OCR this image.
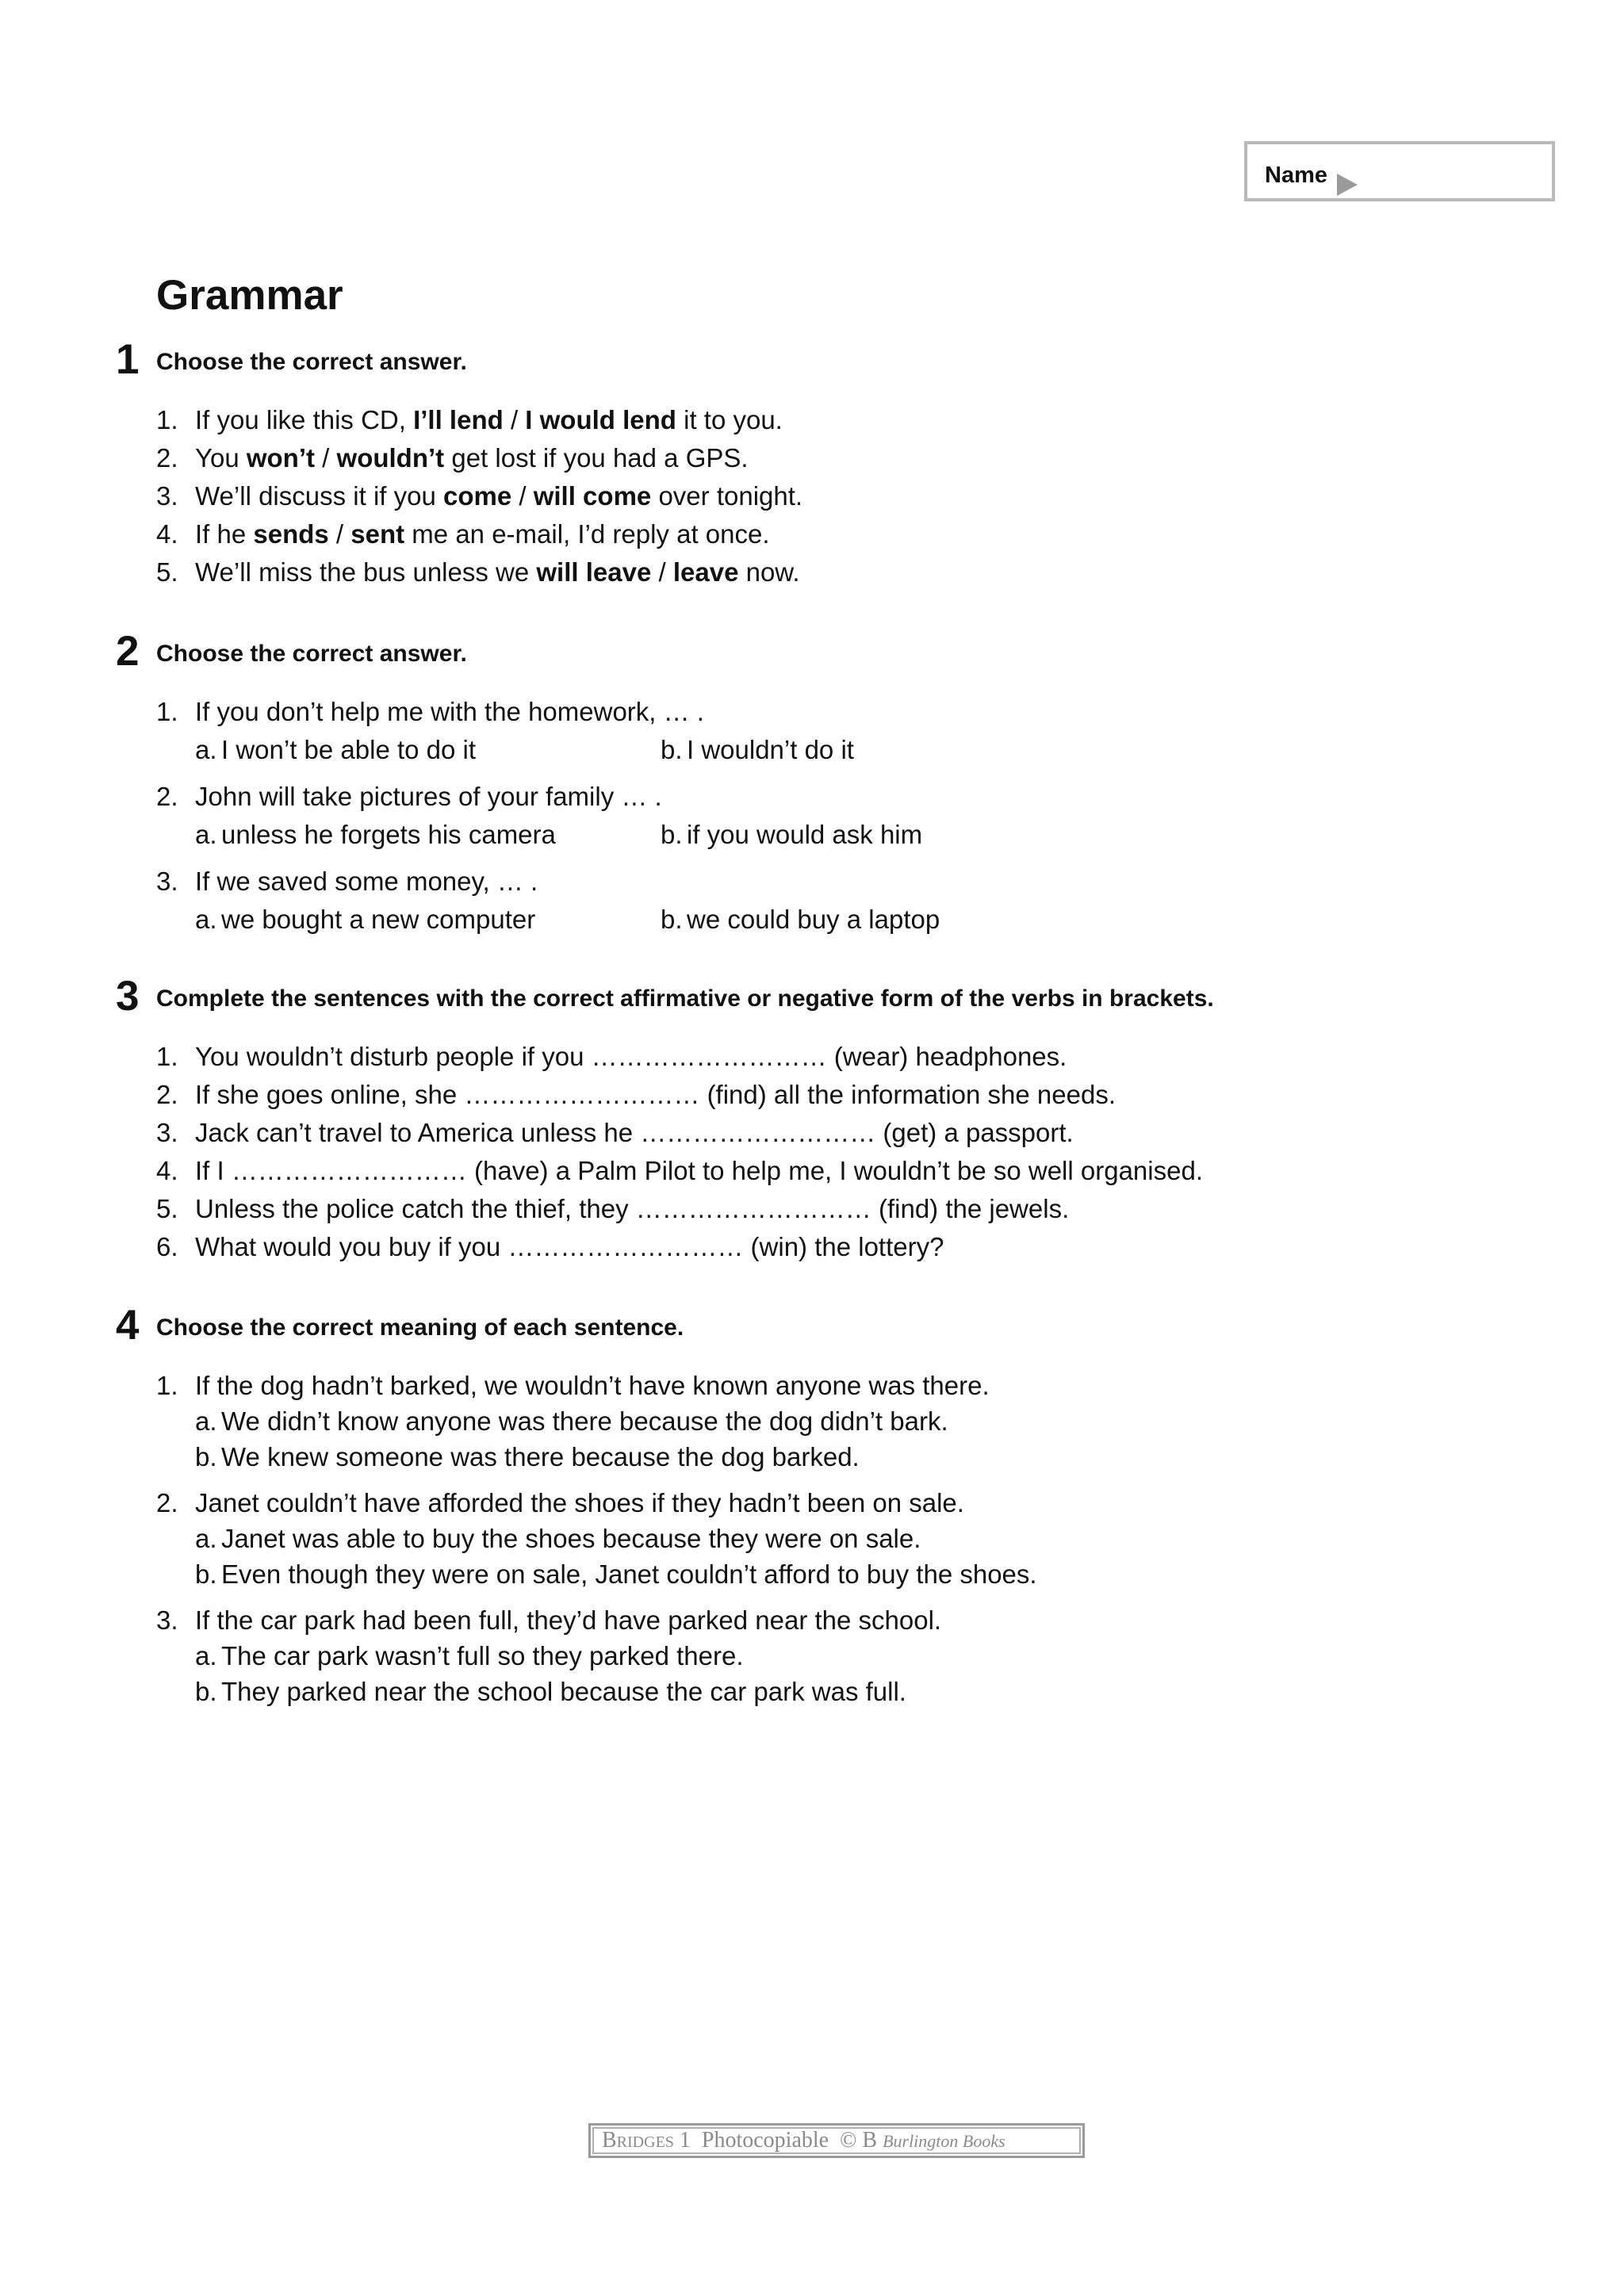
Name
Grammar
1 Choose the correct answer.
1. If you like this CD, I’ll lend / I would lend it to you.
2. You won’t / wouldn’t get lost if you had a GPS.
3. We’ll discuss it if you come / will come over tonight.
4. If he sends / sent me an e-mail, I’d reply at once.
5. We’ll miss the bus unless we will leave / leave now.
2 Choose the correct answer.
1. If you don’t help me with the homework, … .
a. I won’t be able to do it	b. I wouldn’t do it
2. John will take pictures of your family … .
a. unless he forgets his camera	b. if you would ask him
3. If we saved some money, … .
a. we bought a new computer	b. we could buy a laptop
3 Complete the sentences with the correct affirmative or negative form of the verbs in brackets.
1. You wouldn’t disturb people if you ……………………… (wear) headphones.
2. If she goes online, she ……………………… (find) all the information she needs.
3. Jack can’t travel to America unless he ……………………… (get) a passport.
4. If I ……………………… (have) a Palm Pilot to help me, I wouldn’t be so well organised.
5. Unless the police catch the thief, they ……………………… (find) the jewels.
6. What would you buy if you ……………………… (win) the lottery?
4 Choose the correct meaning of each sentence.
1. If the dog hadn’t barked, we wouldn’t have known anyone was there.
a. We didn’t know anyone was there because the dog didn’t bark.
b. We knew someone was there because the dog barked.
2. Janet couldn’t have afforded the shoes if they hadn’t been on sale.
a. Janet was able to buy the shoes because they were on sale.
b. Even though they were on sale, Janet couldn’t afford to buy the shoes.
3. If the car park had been full, they’d have parked near the school.
a. The car park wasn’t full so they parked there.
b. They parked near the school because the car park was full.
Bridges 1 Photocopiable © B Burlington Books
